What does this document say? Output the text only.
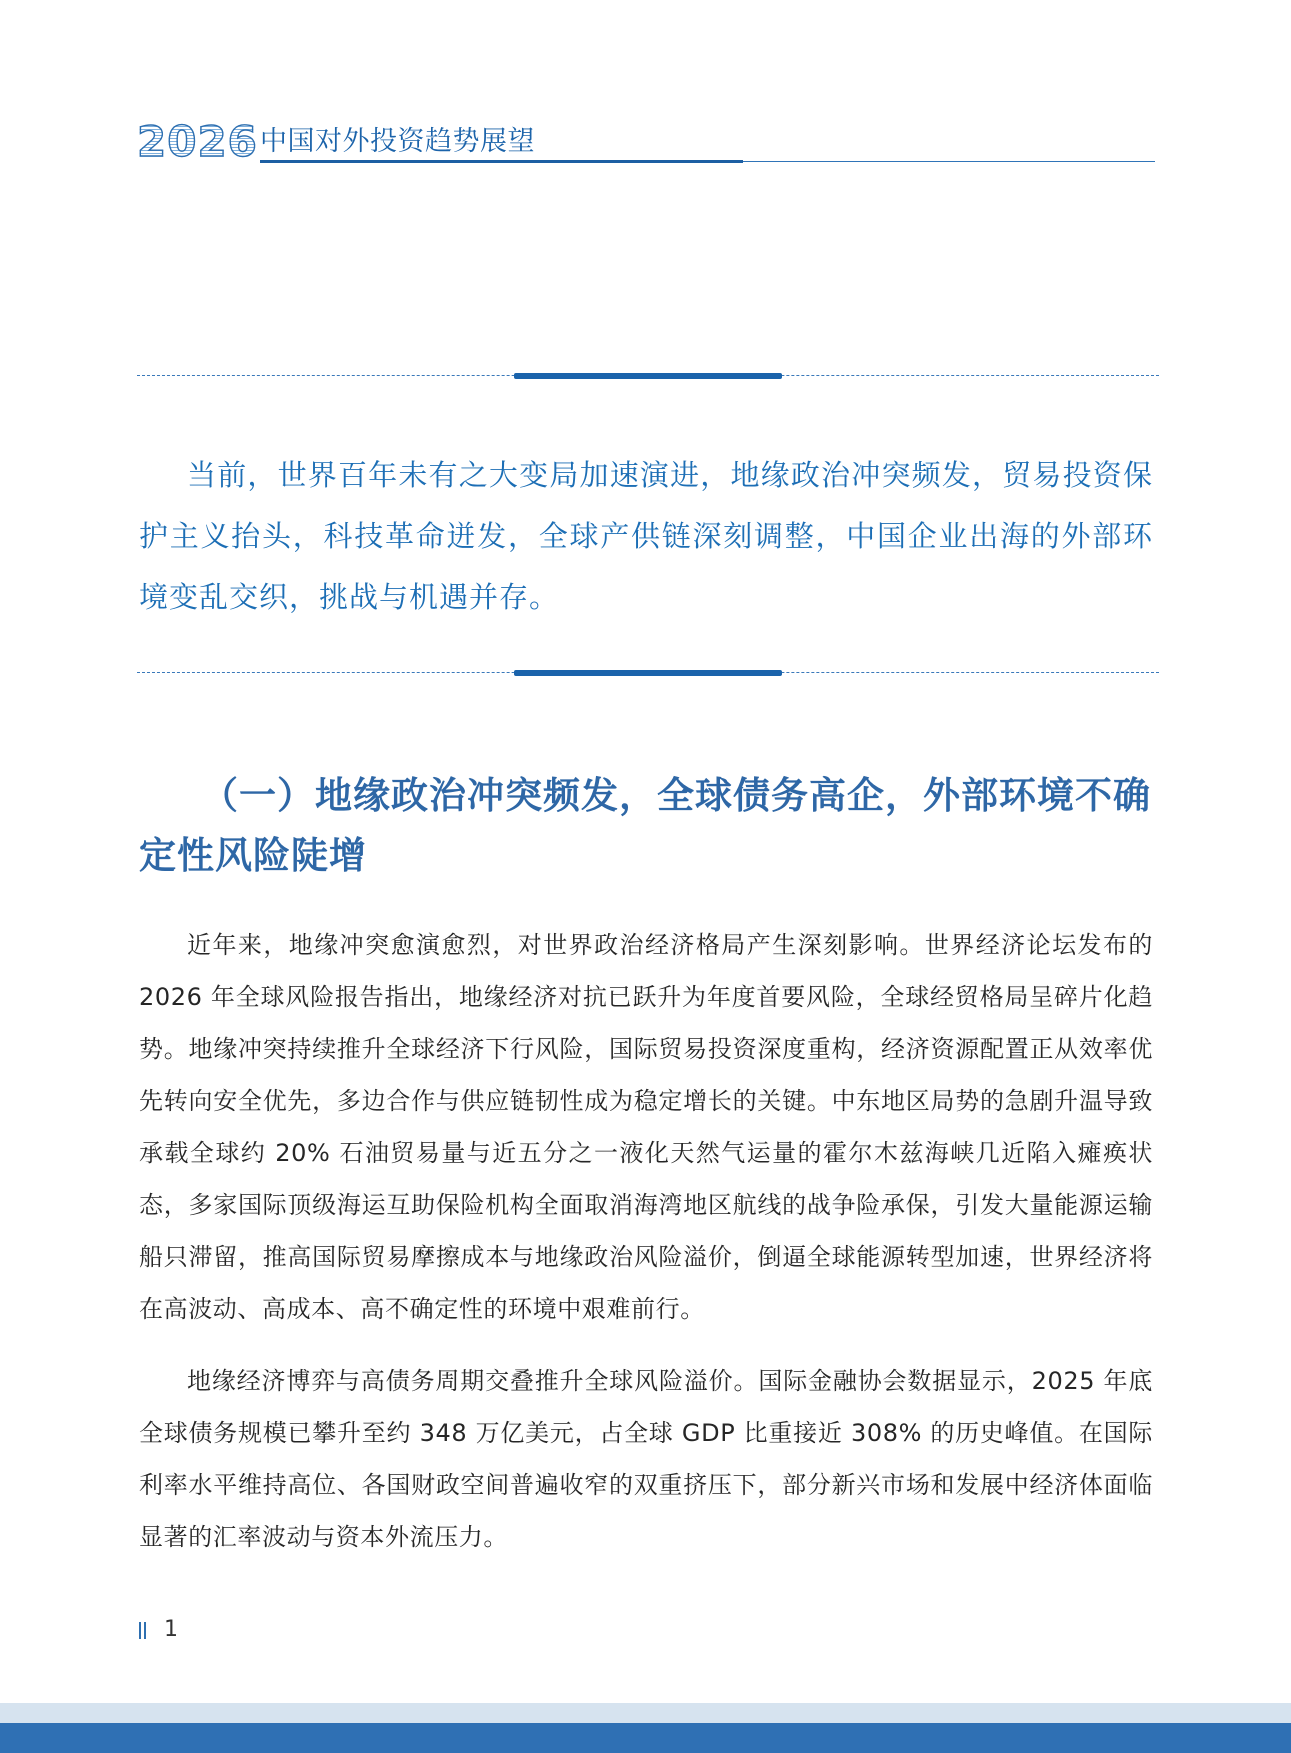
2026 中国对外投资趋势展望

当前，世界百年未有之大变局加速演进，地缘政治冲突频发，贸易投资保护主义抬头，科技革命迸发，全球产供链深刻调整，中国企业出海的外部环境变乱交织，挑战与机遇并存。

（一）地缘政治冲突频发，全球债务高企，外部环境不确定性风险陡增

近年来，地缘冲突愈演愈烈，对世界政治经济格局产生深刻影响。世界经济论坛发布的 2026 年全球风险报告指出，地缘经济对抗已跃升为年度首要风险，全球经贸格局呈碎片化趋势。地缘冲突持续推升全球经济下行风险，国际贸易投资深度重构，经济资源配置正从效率优先转向安全优先，多边合作与供应链韧性成为稳定增长的关键。中东地区局势的急剧升温导致承载全球约 20% 石油贸易量与近五分之一液化天然气运量的霍尔木兹海峡几近陷入瘫痪状态，多家国际顶级海运互助保险机构全面取消海湾地区航线的战争险承保，引发大量能源运输船只滞留，推高国际贸易摩擦成本与地缘政治风险溢价，倒逼全球能源转型加速，世界经济将在高波动、高成本、高不确定性的环境中艰难前行。

地缘经济博弈与高债务周期交叠推升全球风险溢价。国际金融协会数据显示，2025 年底全球债务规模已攀升至约 348 万亿美元，占全球 GDP 比重接近 308% 的历史峰值。在国际利率水平维持高位、各国财政空间普遍收窄的双重挤压下，部分新兴市场和发展中经济体面临显著的汇率波动与资本外流压力。

1
